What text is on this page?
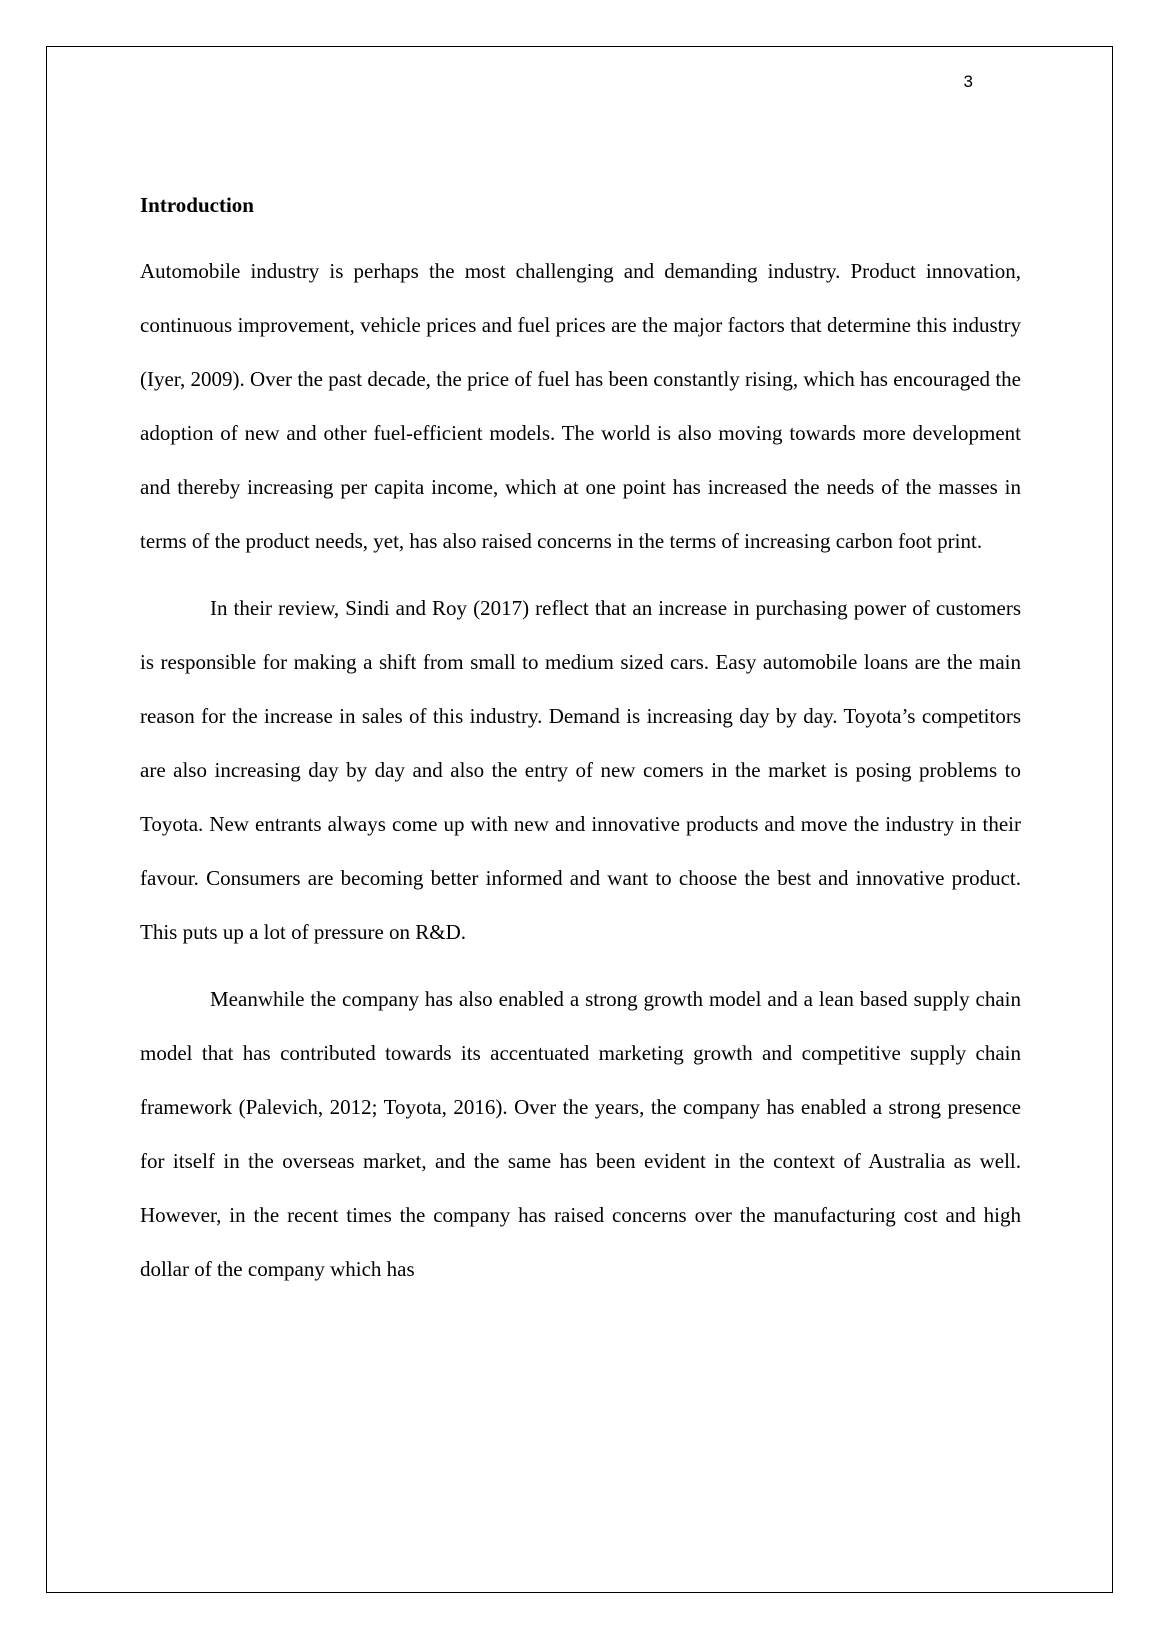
3
Introduction

Automobile industry is perhaps the most challenging and demanding industry. Product innovation, continuous improvement, vehicle prices and fuel prices are the major factors that determine this industry (Iyer, 2009). Over the past decade, the price of fuel has been constantly rising, which has encouraged the adoption of new and other fuel-efficient models. The world is also moving towards more development and thereby increasing per capita income, which at one point has increased the needs of the masses in terms of the product needs, yet, has also raised concerns in the terms of increasing carbon foot print.

In their review, Sindi and Roy (2017) reflect that an increase in purchasing power of customers is responsible for making a shift from small to medium sized cars. Easy automobile loans are the main reason for the increase in sales of this industry. Demand is increasing day by day. Toyota’s competitors are also increasing day by day and also the entry of new comers in the market is posing problems to Toyota. New entrants always come up with new and innovative products and move the industry in their favour. Consumers are becoming better informed and want to choose the best and innovative product. This puts up a lot of pressure on R&D.

Meanwhile the company has also enabled a strong growth model and a lean based supply chain model that has contributed towards its accentuated marketing growth and competitive supply chain framework (Palevich, 2012; Toyota, 2016). Over the years, the company has enabled a strong presence for itself in the overseas market, and the same has been evident in the context of Australia as well. However, in the recent times the company has raised concerns over the manufacturing cost and high dollar of the company which has
